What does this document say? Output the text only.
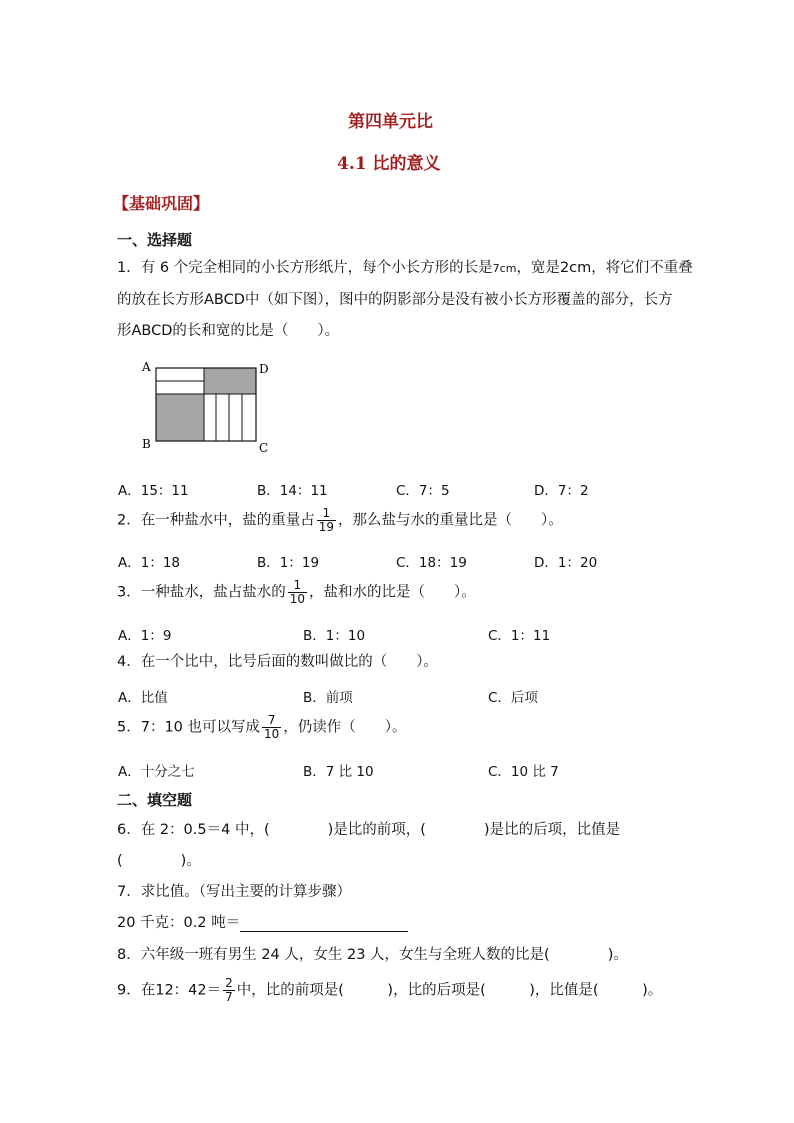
第四单元比
4.1 比的意义
【基础巩固】
一、选择题
1．有 6 个完全相同的小长方形纸片，每个小长方形的长是7cm，宽是2cm，将它们不重叠
的放在长方形ABCD中（如下图），图中的阴影部分是没有被小长方形覆盖的部分，长方
形ABCD的长和宽的比是（　　）。
A	D
B	C
A．15：11	B．14：11	C．7：5	D．7：2
2．在一种盐水中，盐的重量占 $\frac{1}{19}$ ，那么盐与水的重量比是（　　）。
A．1：18	B．1：19	C．18：19	D．1：20
3．一种盐水，盐占盐水的 $\frac{1}{10}$ ，盐和水的比是（　　）。
A．1：9	B．1：10	C．1：11
4．在一个比中，比号后面的数叫做比的（　　）。
A．比值	B．前项	C．后项
5．7：10 也可以写成 $\frac{7}{10}$ ，仍读作（　　）。
A．十分之七	B．7 比 10	C．10 比 7
二、填空题
6．在 2：0.5＝4 中，(　　　　)是比的前项，(　　　　)是比的后项，比值是
(　　　　)。
7．求比值。（写出主要的计算步骤）
20 千克：0.2 吨＝
8．六年级一班有男生 24 人，女生 23 人，女生与全班人数的比是(　　　　)。
9．在12：$42= \frac{2}{7}$ 中，比的前项是(　　　)，比的后项是(　　　)，比值是(　　　)。
